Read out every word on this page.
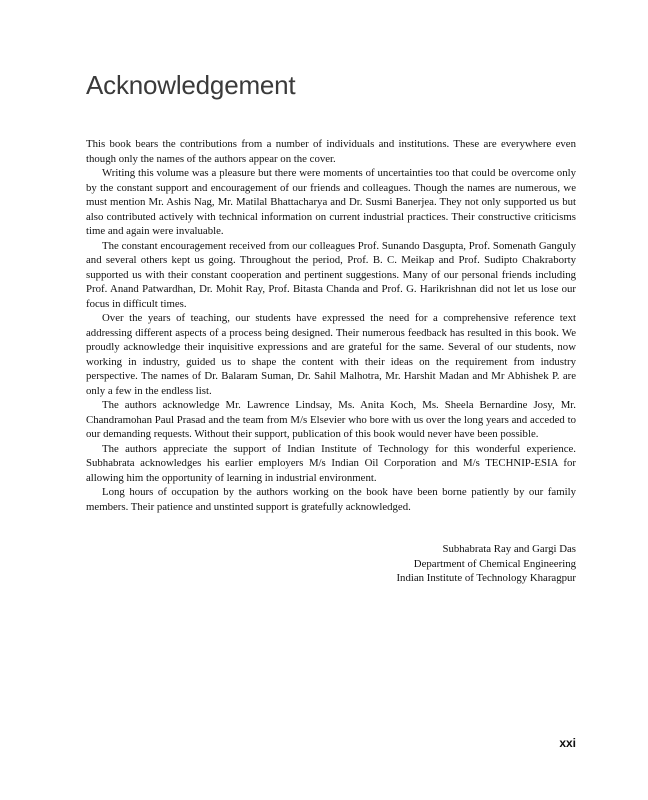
Acknowledgement

This book bears the contributions from a number of individuals and institutions. These are everywhere even though only the names of the authors appear on the cover.

Writing this volume was a pleasure but there were moments of uncertainties too that could be overcome only by the constant support and encouragement of our friends and colleagues. Though the names are numerous, we must mention Mr. Ashis Nag, Mr. Matilal Bhattacharya and Dr. Susmi Banerjea. They not only supported us but also contributed actively with technical information on current industrial practices. Their constructive criticisms time and again were invaluable.

The constant encouragement received from our colleagues Prof. Sunando Dasgupta, Prof. Somenath Ganguly and several others kept us going. Throughout the period, Prof. B. C. Meikap and Prof. Sudipto Chakraborty supported us with their constant cooperation and pertinent suggestions. Many of our personal friends including Prof. Anand Patwardhan, Dr. Mohit Ray, Prof. Bitasta Chanda and Prof. G. Harikrishnan did not let us lose our focus in difficult times.

Over the years of teaching, our students have expressed the need for a comprehensive reference text addressing different aspects of a process being designed. Their numerous feedback has resulted in this book. We proudly acknowledge their inquisitive expressions and are grateful for the same. Several of our students, now working in industry, guided us to shape the content with their ideas on the requirement from industry perspective. The names of Dr. Balaram Suman, Dr. Sahil Malhotra, Mr. Harshit Madan and Mr Abhishek P. are only a few in the endless list.

The authors acknowledge Mr. Lawrence Lindsay, Ms. Anita Koch, Ms. Sheela Bernardine Josy, Mr. Chandramohan Paul Prasad and the team from M/s Elsevier who bore with us over the long years and acceded to our demanding requests. Without their support, publication of this book would never have been possible.

The authors appreciate the support of Indian Institute of Technology for this wonderful experience. Subhabrata acknowledges his earlier employers M/s Indian Oil Corporation and M/s TECHNIP-ESIA for allowing him the opportunity of learning in industrial environment.

Long hours of occupation by the authors working on the book have been borne patiently by our family members. Their patience and unstinted support is gratefully acknowledged.

Subhabrata Ray and Gargi Das
Department of Chemical Engineering
Indian Institute of Technology Kharagpur
xxi
